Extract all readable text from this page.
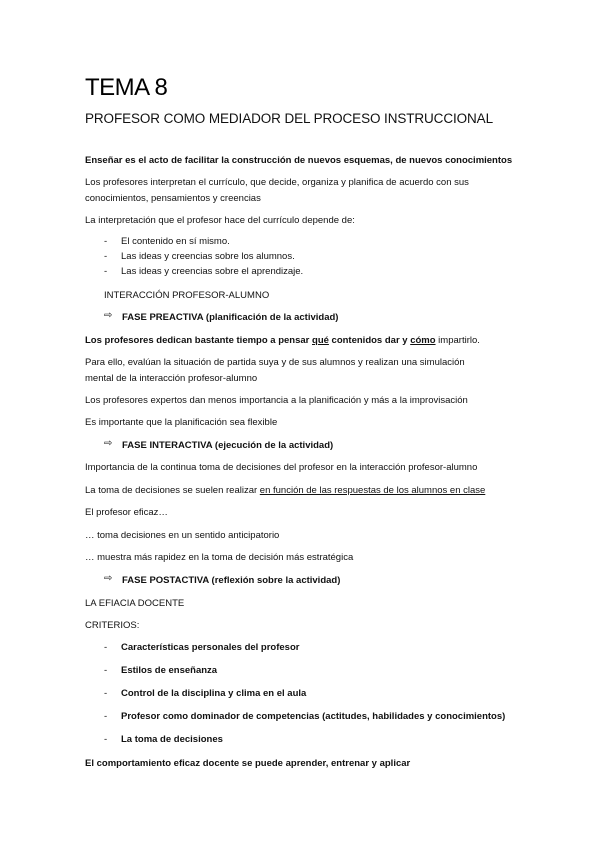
TEMA 8
PROFESOR COMO MEDIADOR DEL PROCESO INSTRUCCIONAL
Enseñar es el acto de facilitar la construcción de nuevos esquemas, de nuevos conocimientos
Los profesores interpretan el currículo, que decide, organiza y planifica de acuerdo con sus
conocimientos, pensamientos y creencias
La interpretación que el profesor hace del currículo depende de:
- El contenido en sí mismo.
- Las ideas y creencias sobre los alumnos.
- Las ideas y creencias sobre el aprendizaje.
INTERACCIÓN PROFESOR-ALUMNO
⇨ FASE PREACTIVA (planificación de la actividad)
Los profesores dedican bastante tiempo a pensar qué contenidos dar y cómo impartirlo.
Para ello, evalúan la situación de partida suya y de sus alumnos y realizan una simulación
mental de la interacción profesor-alumno
Los profesores expertos dan menos importancia a la planificación y más a la improvisación
Es importante que la planificación sea flexible
⇨ FASE INTERACTIVA (ejecución de la actividad)
Importancia de la continua toma de decisiones del profesor en la interacción profesor-alumno
La toma de decisiones se suelen realizar en función de las respuestas de los alumnos en clase
El profesor eficaz…
… toma decisiones en un sentido anticipatorio
… muestra más rapidez en la toma de decisión más estratégica
⇨ FASE POSTACTIVA (reflexión sobre la actividad)
LA EFIACIA DOCENTE
CRITERIOS:
- Características personales del profesor
- Estilos de enseñanza
- Control de la disciplina y clima en el aula
- Profesor como dominador de competencias (actitudes, habilidades y conocimientos)
- La toma de decisiones
El comportamiento eficaz docente se puede aprender, entrenar y aplicar
